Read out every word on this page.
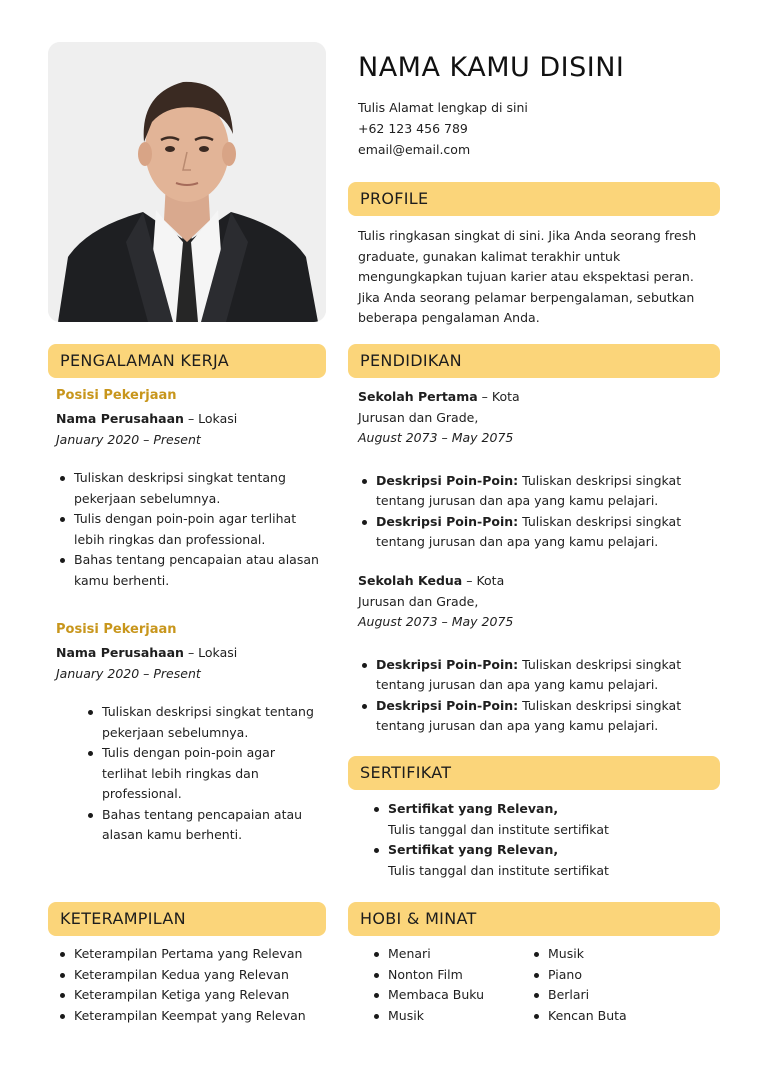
NAMA KAMU DISINI
Tulis Alamat lengkap di sini
+62 123 456 789
email@email.com
PROFILE
Tulis ringkasan singkat di sini. Jika Anda seorang fresh
graduate, gunakan kalimat terakhir untuk
mengungkapkan tujuan karier atau ekspektasi peran.
Jika Anda seorang pelamar berpengalaman, sebutkan
beberapa pengalaman Anda.
PENGALAMAN KERJA
Posisi Pekerjaan
Nama Perusahaan – Lokasi
January 2020 – Present
Tuliskan deskripsi singkat tentang
pekerjaan sebelumnya.
Tulis dengan poin-poin agar terlihat
lebih ringkas dan professional.
Bahas tentang pencapaian atau alasan
kamu berhenti.
Posisi Pekerjaan
Nama Perusahaan – Lokasi
January 2020 – Present
Tuliskan deskripsi singkat tentang
pekerjaan sebelumnya.
Tulis dengan poin-poin agar
terlihat lebih ringkas dan
professional.
Bahas tentang pencapaian atau
alasan kamu berhenti.
PENDIDIKAN
Sekolah Pertama – Kota
Jurusan dan Grade,
August 2073 – May 2075
Deskripsi Poin-Poin: Tuliskan deskripsi singkat
tentang jurusan dan apa yang kamu pelajari.
Deskripsi Poin-Poin: Tuliskan deskripsi singkat
tentang jurusan dan apa yang kamu pelajari.
Sekolah Kedua – Kota
Jurusan dan Grade,
August 2073 – May 2075
Deskripsi Poin-Poin: Tuliskan deskripsi singkat
tentang jurusan dan apa yang kamu pelajari.
Deskripsi Poin-Poin: Tuliskan deskripsi singkat
tentang jurusan dan apa yang kamu pelajari.
SERTIFIKAT
Sertifikat yang Relevan,
Tulis tanggal dan institute sertifikat
Sertifikat yang Relevan,
Tulis tanggal dan institute sertifikat
KETERAMPILAN
Keterampilan Pertama yang Relevan
Keterampilan Kedua yang Relevan
Keterampilan Ketiga yang Relevan
Keterampilan Keempat yang Relevan
HOBI & MINAT
Menari
Nonton Film
Membaca Buku
Musik
Musik
Piano
Berlari
Kencan Buta
